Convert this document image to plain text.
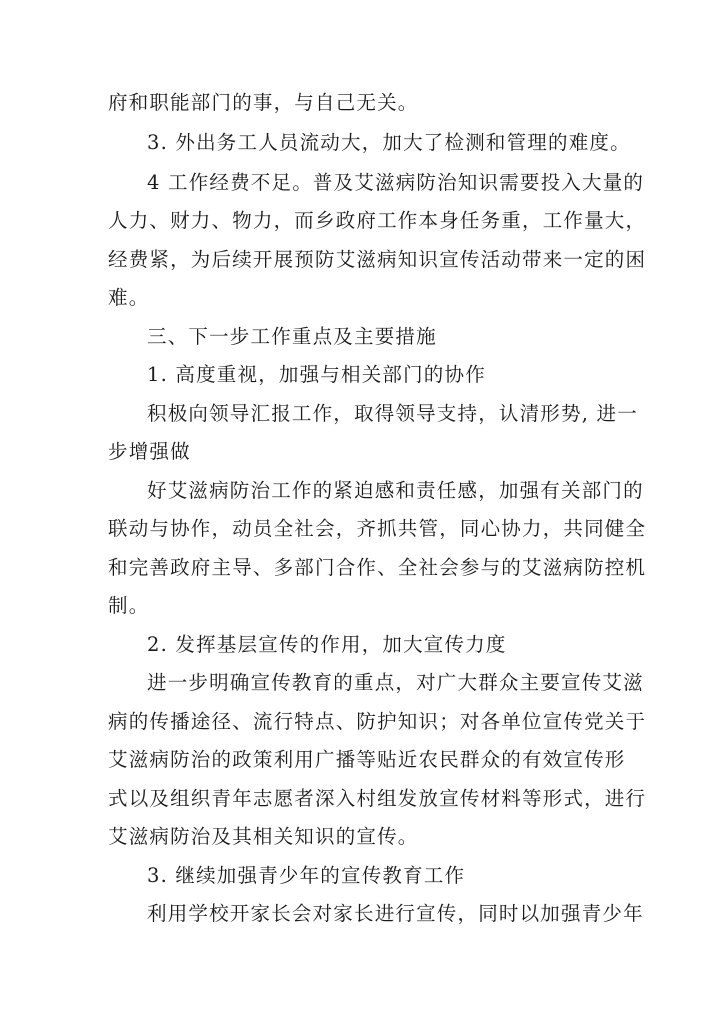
府和职能部门的事，与自己无关。
3. 外出务工人员流动大，加大了检测和管理的难度。
4 工作经费不足。普及艾滋病防治知识需要投入大量的
人力、财力、物力，而乡政府工作本身任务重，工作量大，
经费紧，为后续开展预防艾滋病知识宣传活动带来一定的困
难。
三、下一步工作重点及主要措施
1. 高度重视，加强与相关部门的协作
积极向领导汇报工作，取得领导支持，认清形势, 进一
步增强做
好艾滋病防治工作的紧迫感和责任感，加强有关部门的
联动与协作，动员全社会，齐抓共管，同心协力，共同健全
和完善政府主导、多部门合作、全社会参与的艾滋病防控机
制。
2. 发挥基层宣传的作用，加大宣传力度
进一步明确宣传教育的重点，对广大群众主要宣传艾滋
病的传播途径、流行特点、防护知识；对各单位宣传党关于
艾滋病防治的政策利用广播等贴近农民群众的有效宣传形
式以及组织青年志愿者深入村组发放宣传材料等形式，进行
艾滋病防治及其相关知识的宣传。
3. 继续加强青少年的宣传教育工作
利用学校开家长会对家长进行宣传，同时以加强青少年
